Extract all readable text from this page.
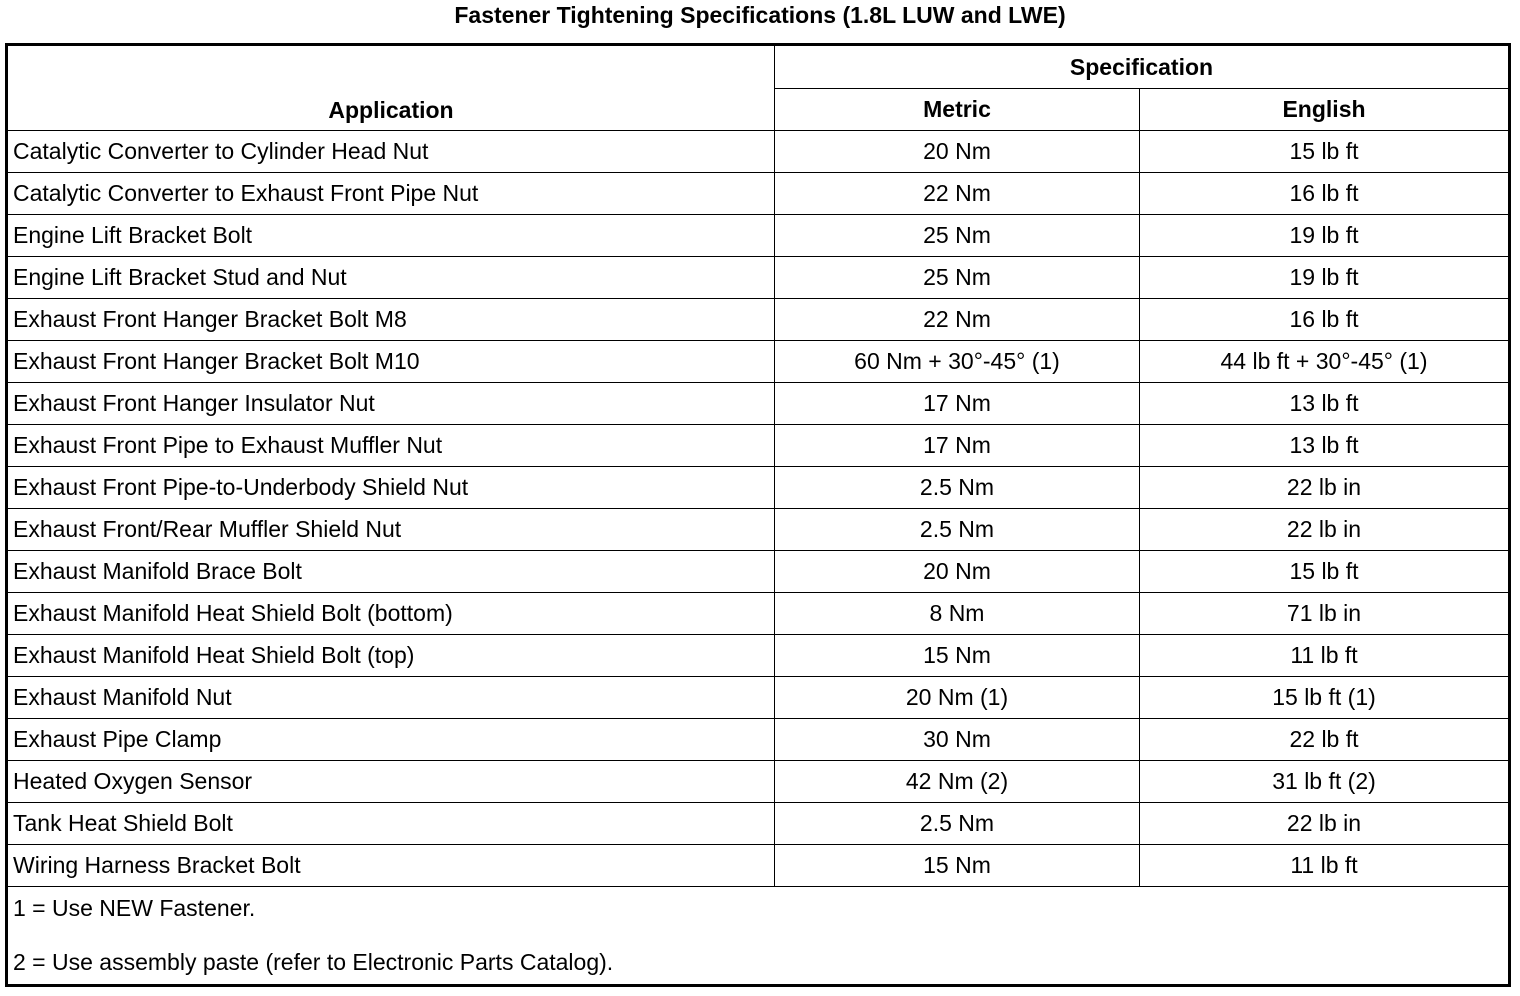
Fastener Tightening Specifications (1.8L LUW and LWE)
Application	Specification	
	Metric	English
Catalytic Converter to Cylinder Head Nut	20 Nm	15 lb ft
Catalytic Converter to Exhaust Front Pipe Nut	22 Nm	16 lb ft
Engine Lift Bracket Bolt	25 Nm	19 lb ft
Engine Lift Bracket Stud and Nut	25 Nm	19 lb ft
Exhaust Front Hanger Bracket Bolt M8	22 Nm	16 lb ft
Exhaust Front Hanger Bracket Bolt M10	60 Nm + 30°-45° (1)	44 lb ft + 30°-45° (1)
Exhaust Front Hanger Insulator Nut	17 Nm	13 lb ft
Exhaust Front Pipe to Exhaust Muffler Nut	17 Nm	13 lb ft
Exhaust Front Pipe-to-Underbody Shield Nut	2.5 Nm	22 lb in
Exhaust Front/Rear Muffler Shield Nut	2.5 Nm	22 lb in
Exhaust Manifold Brace Bolt	20 Nm	15 lb ft
Exhaust Manifold Heat Shield Bolt (bottom)	8 Nm	71 lb in
Exhaust Manifold Heat Shield Bolt (top)	15 Nm	11 lb ft
Exhaust Manifold Nut	20 Nm (1)	15 lb ft (1)
Exhaust Pipe Clamp	30 Nm	22 lb ft
Heated Oxygen Sensor	42 Nm (2)	31 lb ft (2)
Tank Heat Shield Bolt	2.5 Nm	22 lb in
Wiring Harness Bracket Bolt	15 Nm	11 lb ft

1 = Use NEW Fastener.
2 = Use assembly paste (refer to Electronic Parts Catalog).		
